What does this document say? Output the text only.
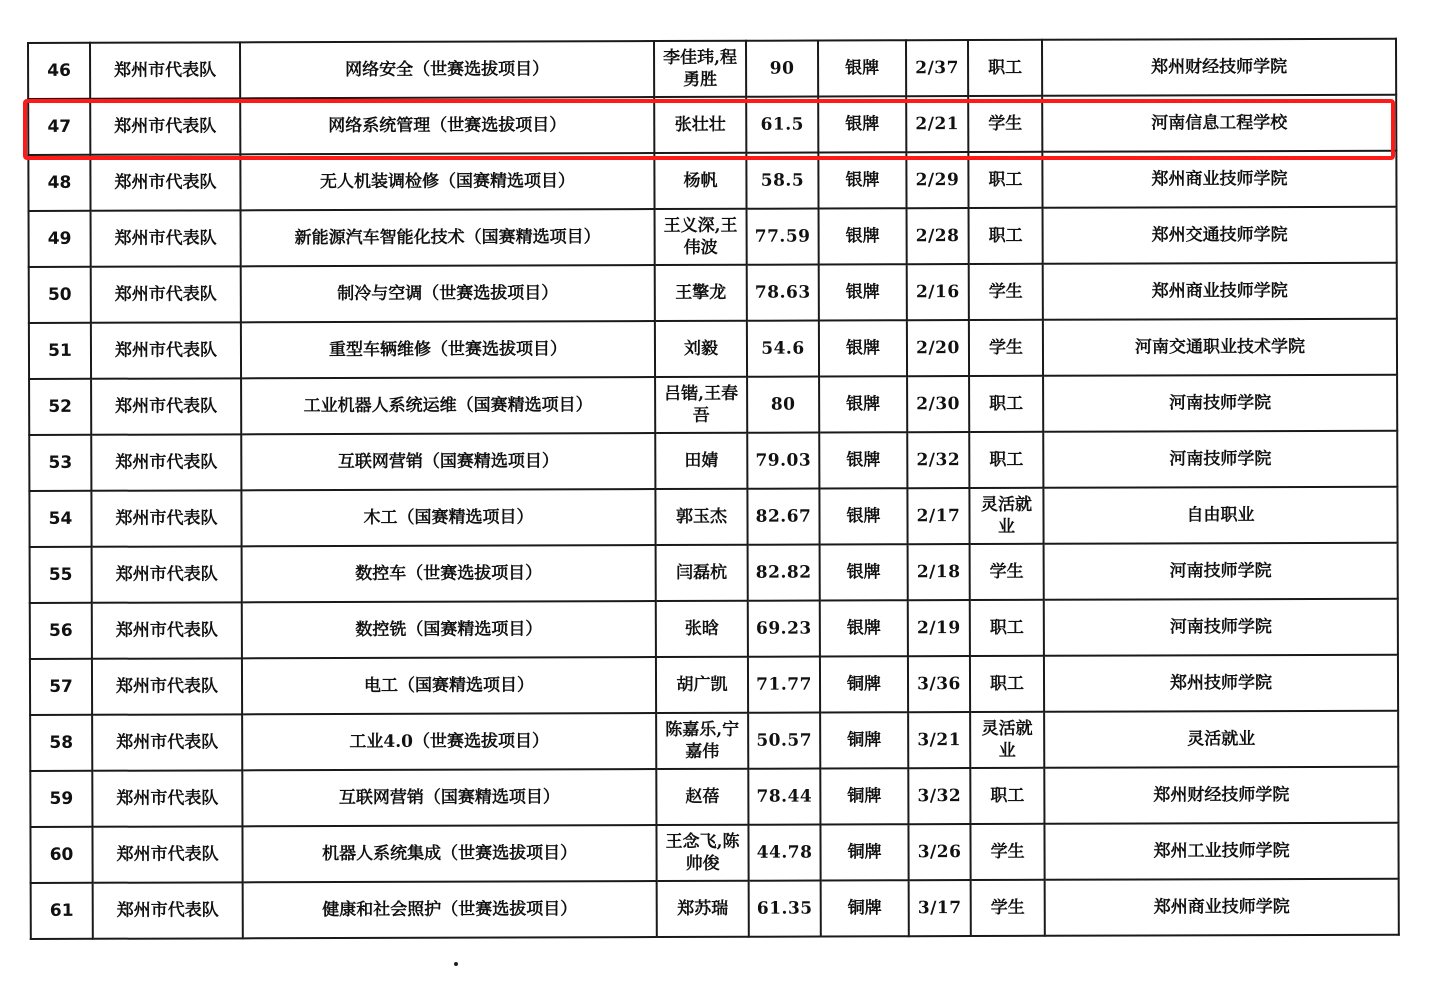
46	郑州市代表队	网络安全（世赛选拔项目）	李佳玮,程勇胜	90	银牌	2/37	职工	郑州财经技师学院
47	郑州市代表队	网络系统管理（世赛选拔项目）	张壮壮	61.5	银牌	2/21	学生	河南信息工程学校
48	郑州市代表队	无人机装调检修（国赛精选项目）	杨帆	58.5	银牌	2/29	职工	郑州商业技师学院
49	郑州市代表队	新能源汽车智能化技术（国赛精选项目）	王义深,王伟波	77.59	银牌	2/28	职工	郑州交通技师学院
50	郑州市代表队	制冷与空调（世赛选拔项目）	王擎龙	78.63	银牌	2/16	学生	郑州商业技师学院
51	郑州市代表队	重型车辆维修（世赛选拔项目）	刘毅	54.6	银牌	2/20	学生	河南交通职业技术学院
52	郑州市代表队	工业机器人系统运维（国赛精选项目）	吕锴,王春吾	80	银牌	2/30	职工	河南技师学院
53	郑州市代表队	互联网营销（国赛精选项目）	田婧	79.03	银牌	2/32	职工	河南技师学院
54	郑州市代表队	木工（国赛精选项目）	郭玉杰	82.67	银牌	2/17	灵活就业	自由职业
55	郑州市代表队	数控车（世赛选拔项目）	闫磊杭	82.82	银牌	2/18	学生	河南技师学院
56	郑州市代表队	数控铣（国赛精选项目）	张晗	69.23	银牌	2/19	职工	河南技师学院
57	郑州市代表队	电工（国赛精选项目）	胡广凯	71.77	铜牌	3/36	职工	郑州技师学院
58	郑州市代表队	工业4.0（世赛选拔项目）	陈嘉乐,宁嘉伟	50.57	铜牌	3/21	灵活就业	灵活就业
59	郑州市代表队	互联网营销（国赛精选项目）	赵蓓	78.44	铜牌	3/32	职工	郑州财经技师学院
60	郑州市代表队	机器人系统集成（世赛选拔项目）	王念飞,陈帅俊	44.78	铜牌	3/26	学生	郑州工业技师学院
61	郑州市代表队	健康和社会照护（世赛选拔项目）	郑苏瑞	61.35	铜牌	3/17	学生	郑州商业技师学院
